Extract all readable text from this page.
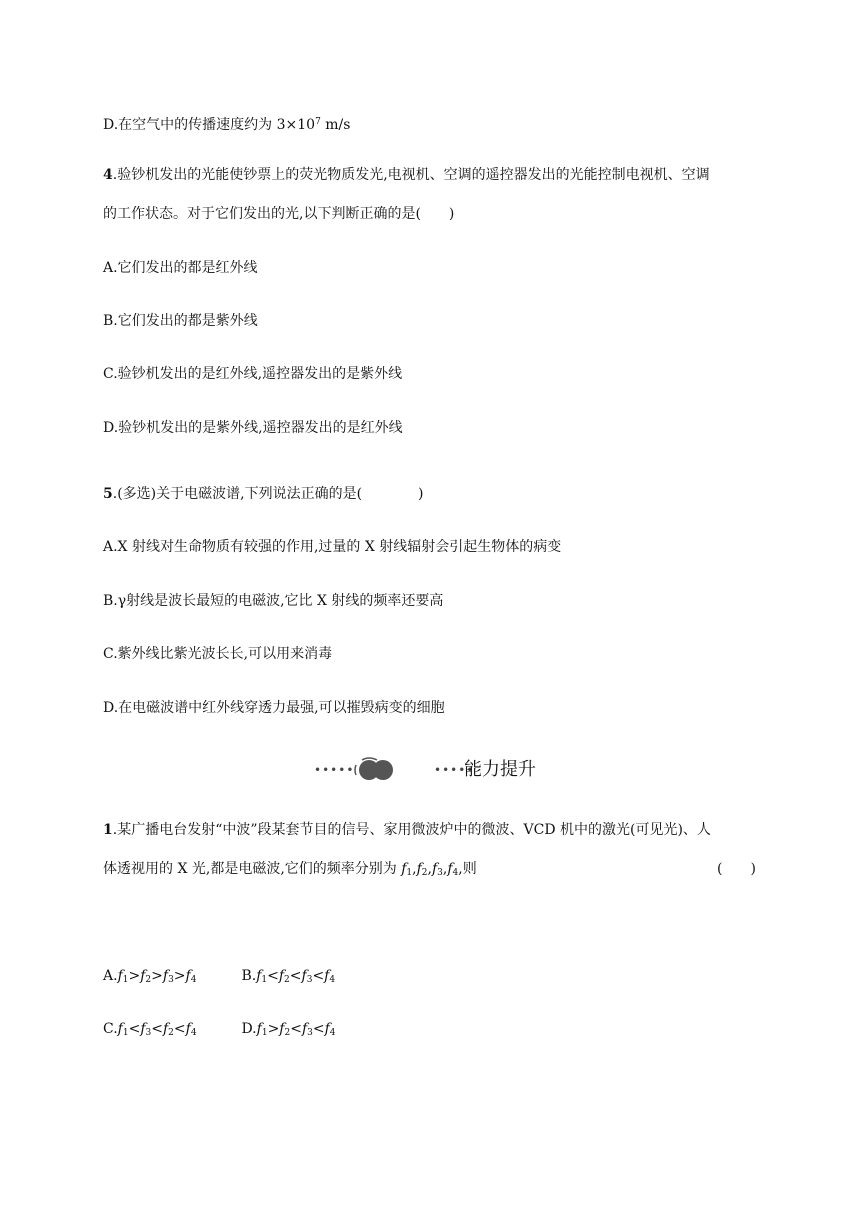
D.在空气中的传播速度约为 $3\times 10^7$ m/s
4.验钞机发出的光能使钞票上的荧光物质发光,电视机、空调的遥控器发出的光能控制电视机、空调
的工作状态。对于它们发出的光,以下判断正确的是(　　)
A.它们发出的都是红外线
B.它们发出的都是紫外线
C.验钞机发出的是红外线,遥控器发出的是紫外线
D.验钞机发出的是紫外线,遥控器发出的是红外线
5.(多选)关于电磁波谱,下列说法正确的是(　　　　)
A.X 射线对生命物质有较强的作用,过量的 X 射线辐射会引起生物体的病变
B.γ射线是波长最短的电磁波,它比 X 射线的频率还要高
C.紫外线比紫光波长长,可以用来消毒
D.在电磁波谱中红外线穿透力最强,可以摧毁病变的细胞
•••••	•••••
能力提升
1.某广播电台发射“中波”段某套节目的信号、家用微波炉中的微波、VCD 机中的激光(可见光)、人
体透视用的 X 光,都是电磁波,它们的频率分别为 $f_1,f_2,f_3,f_4$,则	(　　)
$A.f_1>f_2>f_3>f_4$	$B.f_1<f_2<f_3<f_4$
$C.f_1<f_3<f_2<f_4$	$D.f_1>f_2<f_3<f_4$
